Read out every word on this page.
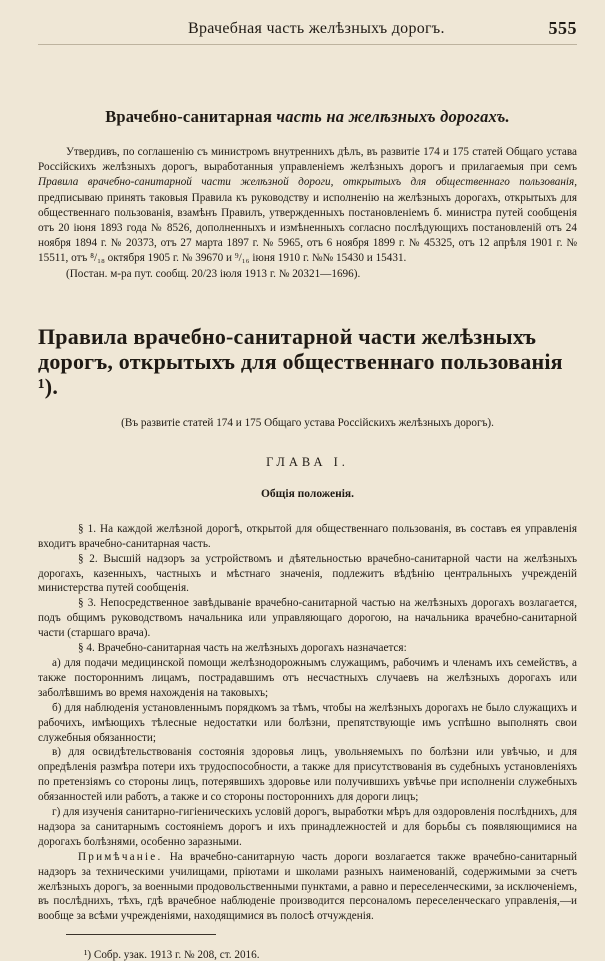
Врачебная часть желѣзныхъ дорогъ.	555
Врачебно-санитарная часть на желѣзныхъ дорогахъ.

Утвердивъ, по соглашенію съ министромъ внутреннихъ дѣлъ, въ развитіе 174 и 175 статей Общаго устава Россійскихъ желѣзныхъ дорогъ, выработанныя управленіемъ желѣзныхъ дорогъ и прилагаемыя при семъ Правила врачебно-санитарной части желѣзной дороги, открытыхъ для общественнаго пользованія, предписываю принять таковыя Правила къ руководству и исполненію на желѣзныхъ дорогахъ, открытыхъ для общественнаго пользованія, взамѣнъ Правилъ, утвержденныхъ постановленіемъ б. министра путей сообщенія отъ 20 іюня 1893 года № 8526, дополненныхъ и измѣненныхъ согласно послѣдующихъ постановленій отъ 24 ноября 1894 г. № 20373, отъ 27 марта 1897 г. № 5965, отъ 6 ноября 1899 г. № 45325, отъ 12 апрѣля 1901 г. № 15511, отъ ⁸/₁₈ октября 1905 г. № 39670 и ⁹/₁₆ іюня 1910 г. №№ 15430 и 15431.

(Постан. м-ра пут. сообщ. 20/23 іюля 1913 г. № 20321—1696).

Правила врачебно-санитарной части желѣзныхъ дорогъ, открытыхъ для общественнаго пользованія ¹).
(Въ развитіе статей 174 и 175 Общаго устава Россійскихъ желѣзныхъ дорогъ).
ГЛАВА I.
Общія положенія.

§ 1. На каждой желѣзной дорогѣ, открытой для общественнаго пользованія, въ составъ ея управленія входитъ врачебно-санитарная часть.

§ 2. Высшій надзоръ за устройствомъ и дѣятельностью врачебно-санитарной части на желѣзныхъ дорогахъ, казенныхъ, частныхъ и мѣстнаго значенія, подлежитъ вѣдѣнію центральныхъ учрежденій министерства путей сообщенія.

§ 3. Непосредственное завѣдываніе врачебно-санитарной частью на желѣзныхъ дорогахъ возлагается, подъ общимъ руководствомъ начальника или управляющаго дорогою, на начальника врачебно-санитарной части (старшаго врача).

§ 4. Врачебно-санитарная часть на желѣзныхъ дорогахъ назначается:

а) для подачи медицинской помощи желѣзнодорожнымъ служащимъ, рабочимъ и членамъ ихъ семействъ, а также постороннимъ лицамъ, пострадавшимъ отъ несчастныхъ случаевъ на желѣзныхъ дорогахъ или заболѣвшимъ во время нахожденія на таковыхъ;

б) для наблюденія установленнымъ порядкомъ за тѣмъ, чтобы на желѣзныхъ дорогахъ не было служащихъ и рабочихъ, имѣющихъ тѣлесные недостатки или болѣзни, препятствующіе имъ успѣшно выполнять свои служебныя обязанности;

в) для освидѣтельствованія состоянія здоровья лицъ, увольняемыхъ по болѣзни или увѣчью, и для опредѣленія размѣра потери ихъ трудоспособности, а также для присутствованія въ судебныхъ установленіяхъ по претензіямъ со стороны лицъ, потерявшихъ здоровье или получившихъ увѣчье при исполненіи служебныхъ обязанностей или работъ, а также и со стороны постороннихъ для дороги лицъ;

г) для изученія санитарно-гигіеническихъ условій дорогъ, выработки мѣръ для оздоровленія послѣднихъ, для надзора за санитарнымъ состояніемъ дорогъ и ихъ принадлежностей и для борьбы съ появляющимися на дорогахъ болѣзнями, особенно заразными.

Примѣчаніе. На врачебно-санитарную часть дороги возлагается также врачебно-санитарный надзоръ за техническими училищами, пріютами и школами разныхъ наименованій, содержимыми за счетъ желѣзныхъ дорогъ, за военными продовольственными пунктами, а равно и переселенческими, за исключеніемъ, въ послѣднихъ, тѣхъ, гдѣ врачебное наблюденіе производится персоналомъ переселенческаго управленія,—и вообще за всѣми учрежденіями, находящимися въ полосѣ отчужденія.

¹) Собр. узак. 1913 г. № 208, ст. 2016.
